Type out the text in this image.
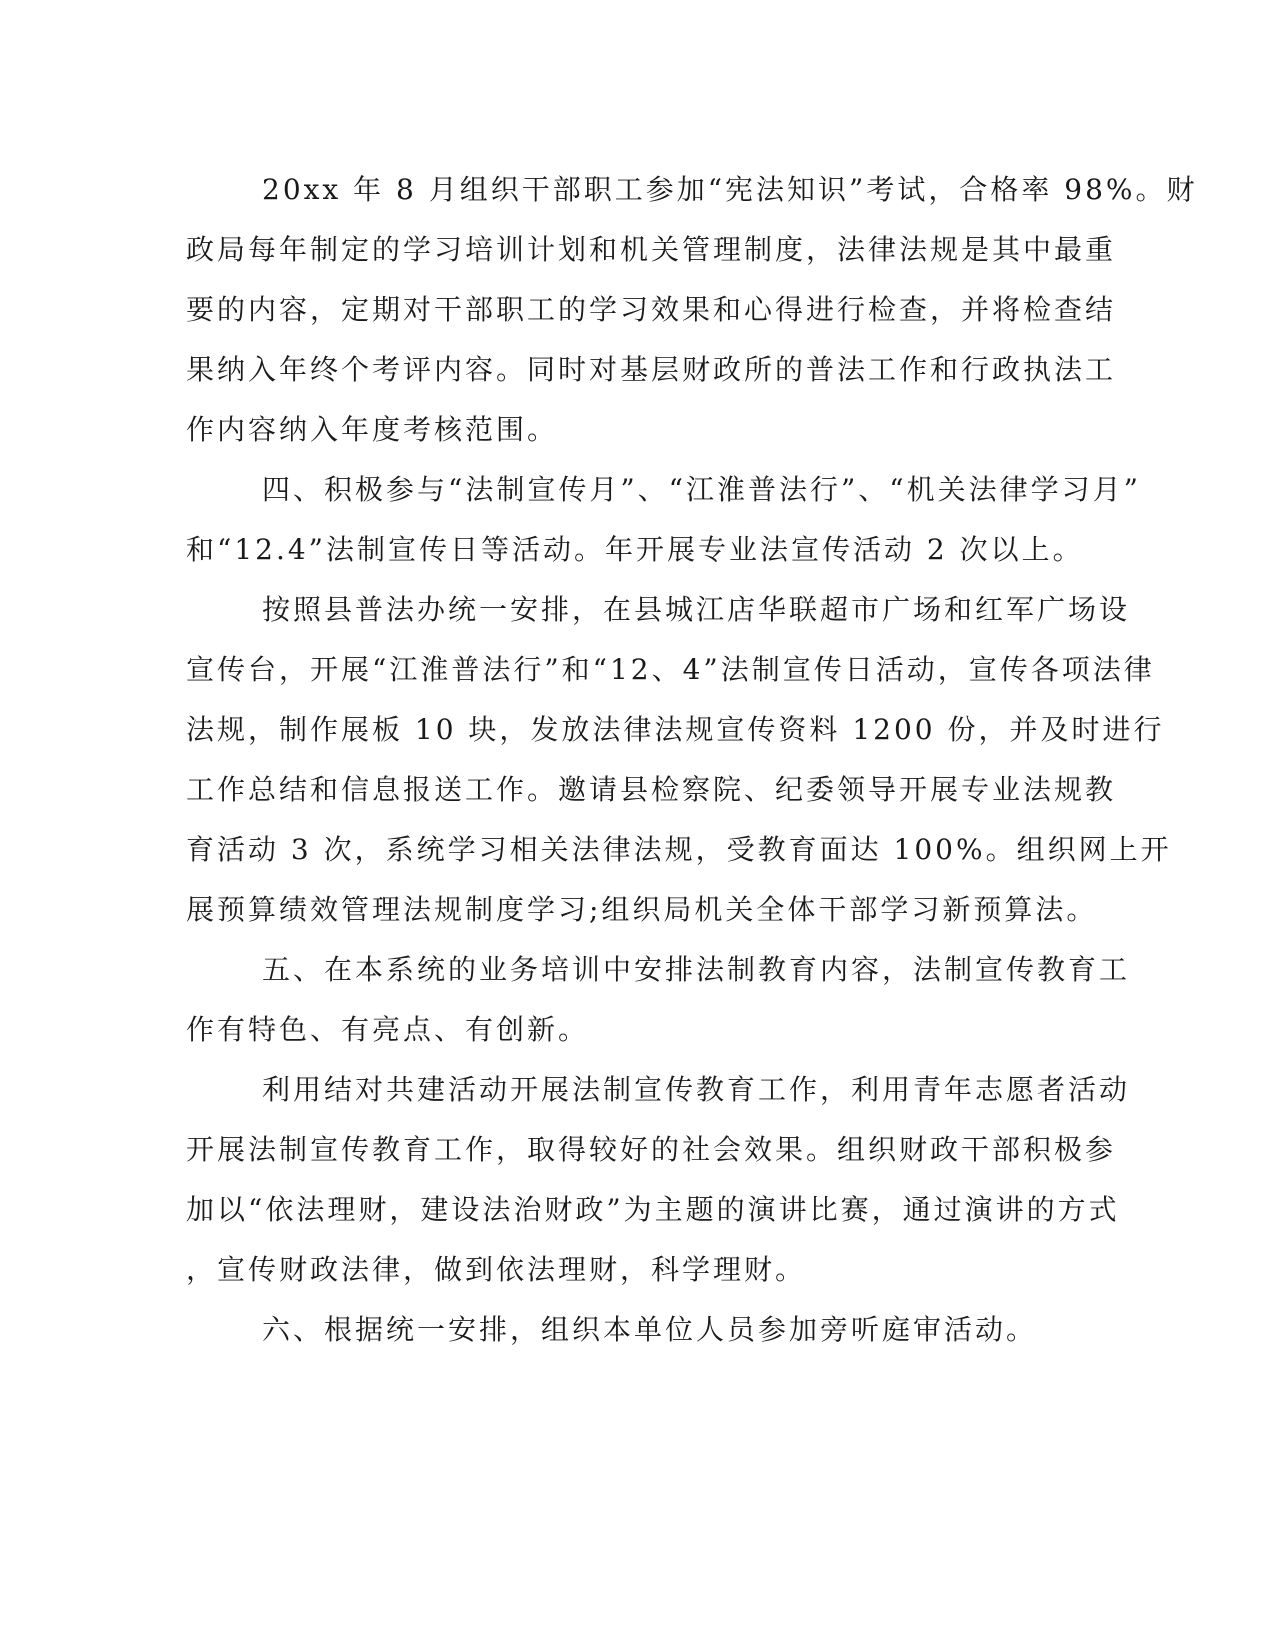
20xx 年 8 月组织干部职工参加“宪法知识”考试，合格率 98%。财
政局每年制定的学习培训计划和机关管理制度，法律法规是其中最重
要的内容，定期对干部职工的学习效果和心得进行检查，并将检查结
果纳入年终个考评内容。同时对基层财政所的普法工作和行政执法工
作内容纳入年度考核范围。

四、积极参与“法制宣传月”、“江淮普法行”、“机关法律学习月”
和“12.4”法制宣传日等活动。年开展专业法宣传活动 2 次以上。

按照县普法办统一安排，在县城江店华联超市广场和红军广场设
宣传台，开展“江淮普法行”和“12、4”法制宣传日活动，宣传各项法律
法规，制作展板 10 块，发放法律法规宣传资料 1200 份，并及时进行
工作总结和信息报送工作。邀请县检察院、纪委领导开展专业法规教
育活动 3 次，系统学习相关法律法规，受教育面达 100%。组织网上开
展预算绩效管理法规制度学习;组织局机关全体干部学习新预算法。

五、在本系统的业务培训中安排法制教育内容，法制宣传教育工
作有特色、有亮点、有创新。

利用结对共建活动开展法制宣传教育工作，利用青年志愿者活动
开展法制宣传教育工作，取得较好的社会效果。组织财政干部积极参
加以“依法理财，建设法治财政”为主题的演讲比赛，通过演讲的方式
，宣传财政法律，做到依法理财，科学理财。

六、根据统一安排，组织本单位人员参加旁听庭审活动。
